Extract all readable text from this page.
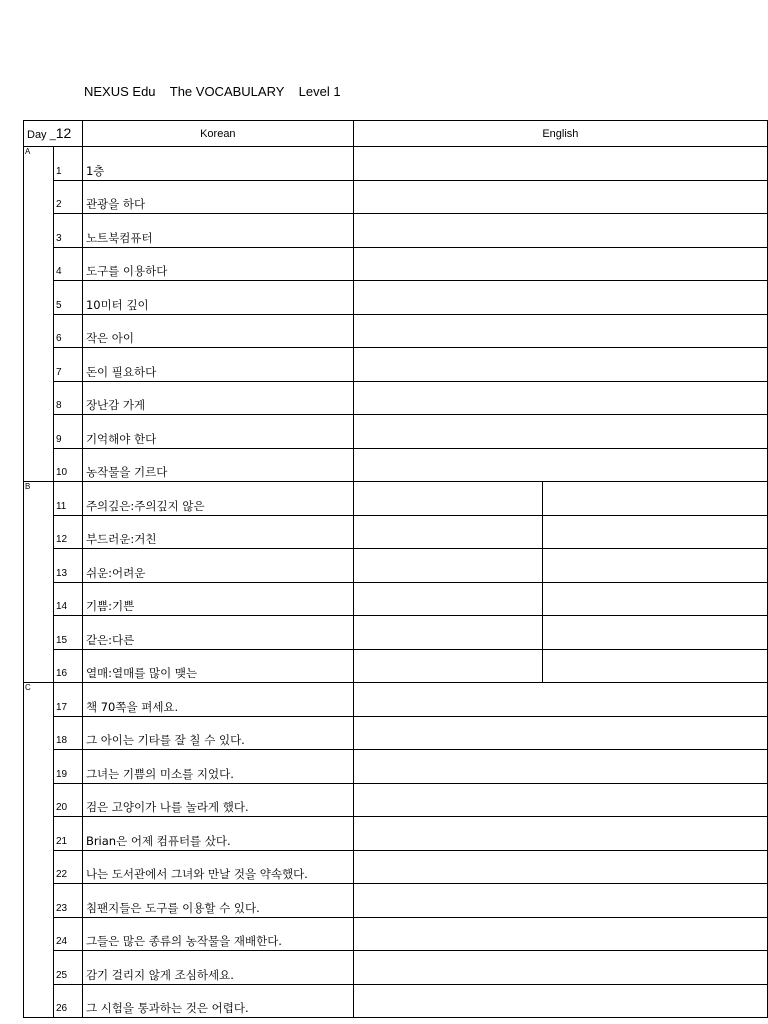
NEXUS Edu The VOCABULARY Level 1
Day _12		Korean	English	
A	1	1층		
	2	관광을 하다		
	3	노트북컴퓨터		
	4	도구를 이용하다		
	5	10미터 깊이		
	6	작은 아이		
	7	돈이 필요하다		
	8	장난감 가게		
	9	기억해야 한다		
	10	농작물을 기르다		
B	11	주의깊은:주의깊지 않은		
	12	부드러운:거친		
	13	쉬운:어려운		
	14	기쁨:기쁜		
	15	같은:다른		
	16	열매:열매를 많이 맺는		
C	17	책 70쪽을 펴세요.		
	18	그 아이는 기타를 잘 칠 수 있다.		
	19	그녀는 기쁨의 미소를 지었다.		
	20	검은 고양이가 나를 놀라게 했다.		
	21	Brian은 어제 컴퓨터를 샀다.		
	22	나는 도서관에서 그녀와 만날 것을 약속했다.		
	23	침팬지들은 도구를 이용할 수 있다.		
	24	그들은 많은 종류의 농작물을 재배한다.		
	25	감기 걸리지 않게 조심하세요.		
	26	그 시험을 통과하는 것은 어렵다.		
